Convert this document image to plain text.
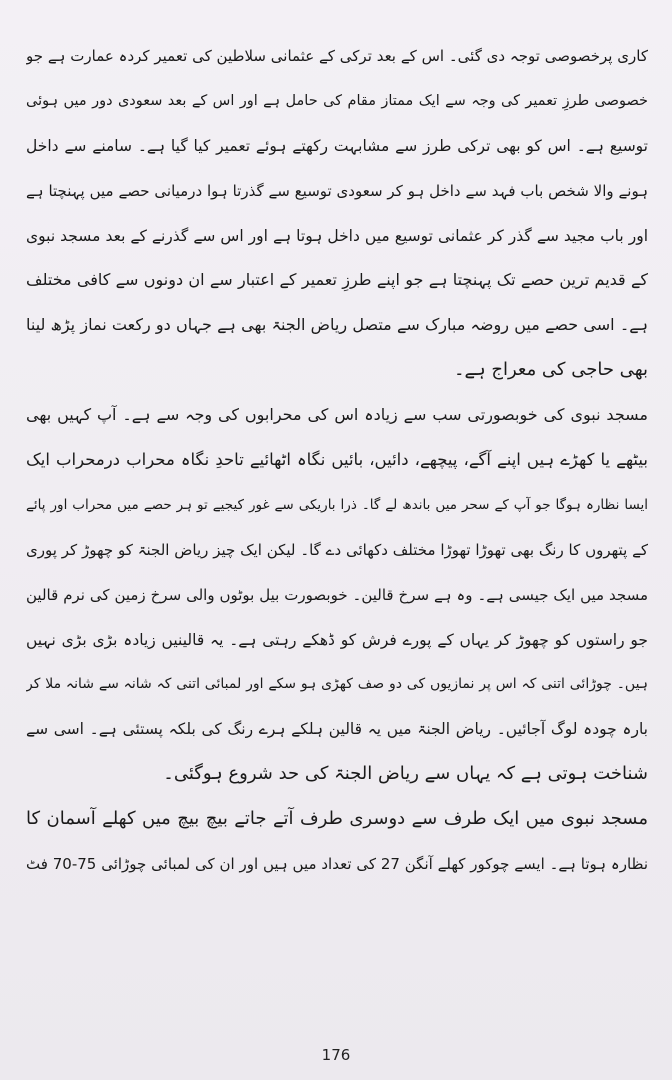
کاری پرخصوصی توجہ دی گئی۔ اس کے بعد ترکی کے عثمانی سلاطین کی تعمیر کردہ عمارت ہے جو
خصوصی طرزِ تعمیر کی وجہ سے ایک ممتاز مقام کی حامل ہے اور اس کے بعد سعودی دور میں ہوئی
توسیع ہے۔ اس کو بھی ترکی طرز سے مشابہت رکھتے ہوئے تعمیر کیا گیا ہے۔ سامنے سے داخل
ہونے والا شخص باب فہد سے داخل ہو کر سعودی توسیع سے گذرتا ہوا درمیانی حصے میں پہنچتا ہے
اور باب مجید سے گذر کر عثمانی توسیع میں داخل ہوتا ہے اور اس سے گذرنے کے بعد مسجد نبوی
کے قدیم ترین حصے تک پہنچتا ہے جو اپنے طرزِ تعمیر کے اعتبار سے ان دونوں سے کافی مختلف
ہے۔ اسی حصے میں روضہ مبارک سے متصل ریاض الجنۃ بھی ہے جہاں دو رکعت نماز پڑھ لینا
بھی حاجی کی معراج ہے۔
مسجد نبوی کی خوبصورتی سب سے زیادہ اس کی محرابوں کی وجہ سے ہے۔ آپ کہیں بھی
بیٹھے یا کھڑے ہیں اپنے آگے، پیچھے، دائیں، بائیں نگاہ اٹھائیے تاحدِ نگاہ محراب درمحراب ایک
ایسا نظارہ ہوگا جو آپ کے سحر میں باندھ لے گا۔ ذرا باریکی سے غور کیجیے تو ہر حصے میں محراب اور پائے
کے پتھروں کا رنگ بھی تھوڑا تھوڑا مختلف دکھائی دے گا۔ لیکن ایک چیز ریاض الجنۃ کو چھوڑ کر پوری
مسجد میں ایک جیسی ہے۔ وہ ہے سرخ قالین۔ خوبصورت بیل بوٹوں والی سرخ زمین کی نرم قالین
جو راستوں کو چھوڑ کر یہاں کے پورے فرش کو ڈھکے رہتی ہے۔ یہ قالینیں زیادہ بڑی بڑی نہیں
ہیں۔ چوڑائی اتنی کہ اس پر نمازیوں کی دو صف کھڑی ہو سکے اور لمبائی اتنی کہ شانہ سے شانہ ملا کر
بارہ چودہ لوگ آجائیں۔ ریاض الجنۃ میں یہ قالین ہلکے ہرے رنگ کی بلکہ پستئی ہے۔ اسی سے
شناخت ہوتی ہے کہ یہاں سے ریاض الجنۃ کی حد شروع ہوگئی۔
مسجد نبوی میں ایک طرف سے دوسری طرف آتے جاتے بیچ بیچ میں کھلے آسمان کا
نظارہ ہوتا ہے۔ ایسے چوکور کھلے آنگن 27 کی تعداد میں ہیں اور ان کی لمبائی چوڑائی 75-70 فٹ
176
